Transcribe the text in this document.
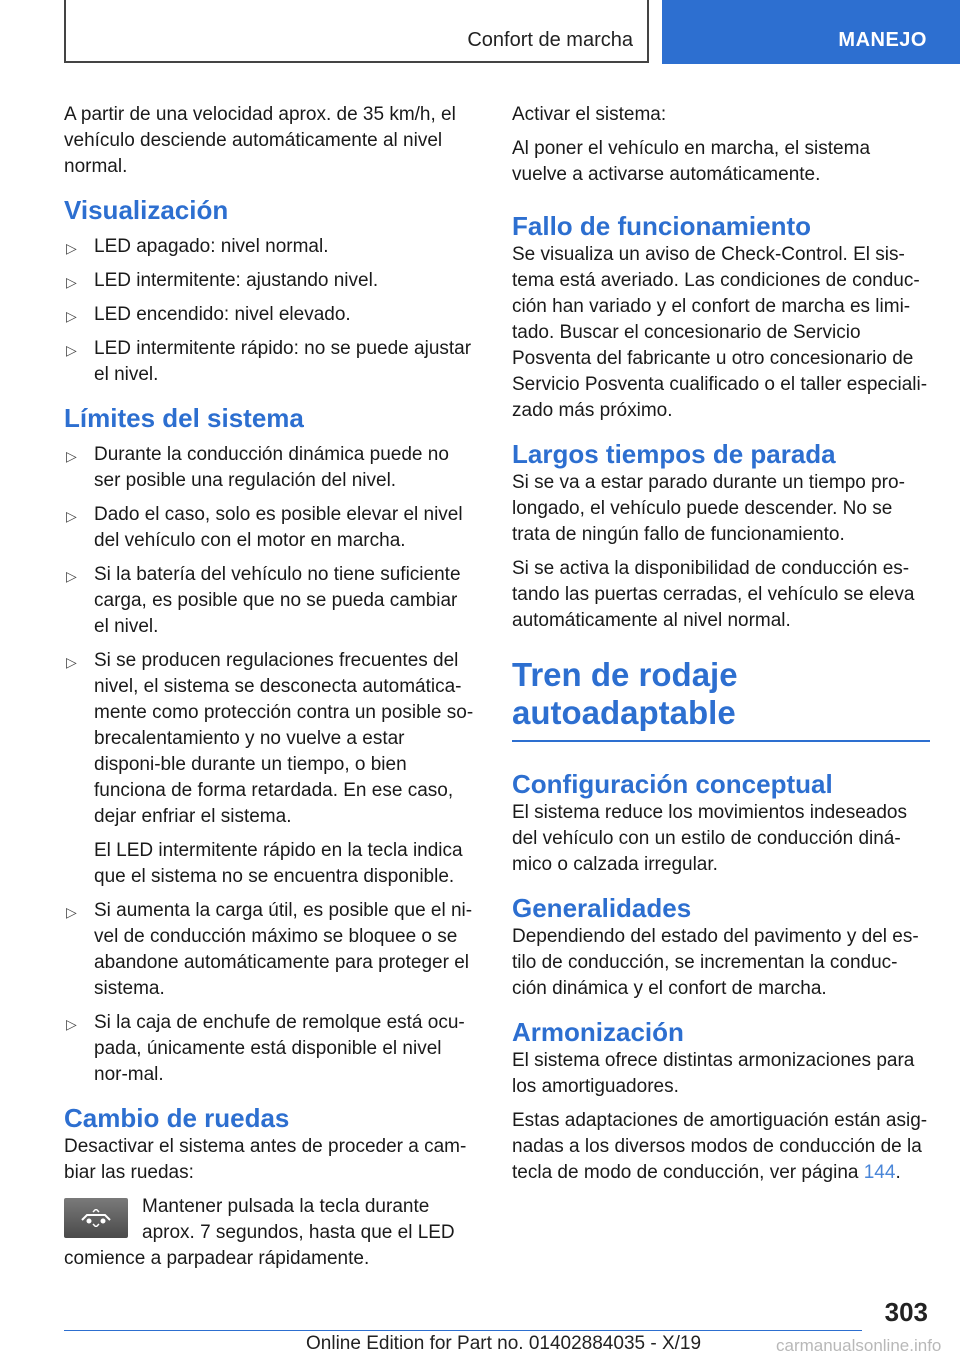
Confort de marcha	MANEJO

A partir de una velocidad aprox. de 35 km/h, el vehículo desciende automáticamente al nivel normal.

Visualización
▷ LED apagado: nivel normal.
▷ LED intermitente: ajustando nivel.
▷ LED encendido: nivel elevado.
▷ LED intermitente rápido: no se puede ajustar el nivel.
Límites del sistema
▷ Durante la conducción dinámica puede no ser posible una regulación del nivel.
▷ Dado el caso, solo es posible elevar el nivel del vehículo con el motor en marcha.
▷ Si la batería del vehículo no tiene suficiente carga, es posible que no se pueda cambiar el nivel.
▷ Si se producen regulaciones frecuentes del nivel, el sistema se desconecta automática-mente como protección contra un posible so-brecalentamiento y no vuelve a estar disponi-ble durante un tiempo, o bien funciona de forma retardada. En ese caso, dejar enfriar el sistema.
El LED intermitente rápido en la tecla indica que el sistema no se encuentra disponible.
▷ Si aumenta la carga útil, es posible que el ni-vel de conducción máximo se bloquee o se abandone automáticamente para proteger el sistema.
▷ Si la caja de enchufe de remolque está ocu-pada, únicamente está disponible el nivel nor-mal.
Cambio de ruedas

Desactivar el sistema antes de proceder a cam-biar las ruedas:

Mantener pulsada la tecla durante aprox. 7 segundos, hasta que el LED comience a parpadear rápidamente.

Activar el sistema:

Al poner el vehículo en marcha, el sistema vuelve a activarse automáticamente.

Fallo de funcionamiento

Se visualiza un aviso de Check-Control. El sis-tema está averiado. Las condiciones de conduc-ción han variado y el confort de marcha es limi-tado. Buscar el concesionario de Servicio Posventa del fabricante u otro concesionario de Servicio Posventa cualificado o el taller especiali-zado más próximo.

Largos tiempos de parada

Si se va a estar parado durante un tiempo pro-longado, el vehículo puede descender. No se trata de ningún fallo de funcionamiento.

Si se activa la disponibilidad de conducción es-tando las puertas cerradas, el vehículo se eleva automáticamente al nivel normal.

Tren de rodaje
autoadaptable
Configuración conceptual

El sistema reduce los movimientos indeseados del vehículo con un estilo de conducción diná-mico o calzada irregular.

Generalidades

Dependiendo del estado del pavimento y del es-tilo de conducción, se incrementan la conduc-ción dinámica y el confort de marcha.

Armonización

El sistema ofrece distintas armonizaciones para los amortiguadores.

Estas adaptaciones de amortiguación están asig-nadas a los diversos modos de conducción de la tecla de modo de conducción, ver página 144.

303
Online Edition for Part no. 01402884035 - X/19	carmanualsonline.info
